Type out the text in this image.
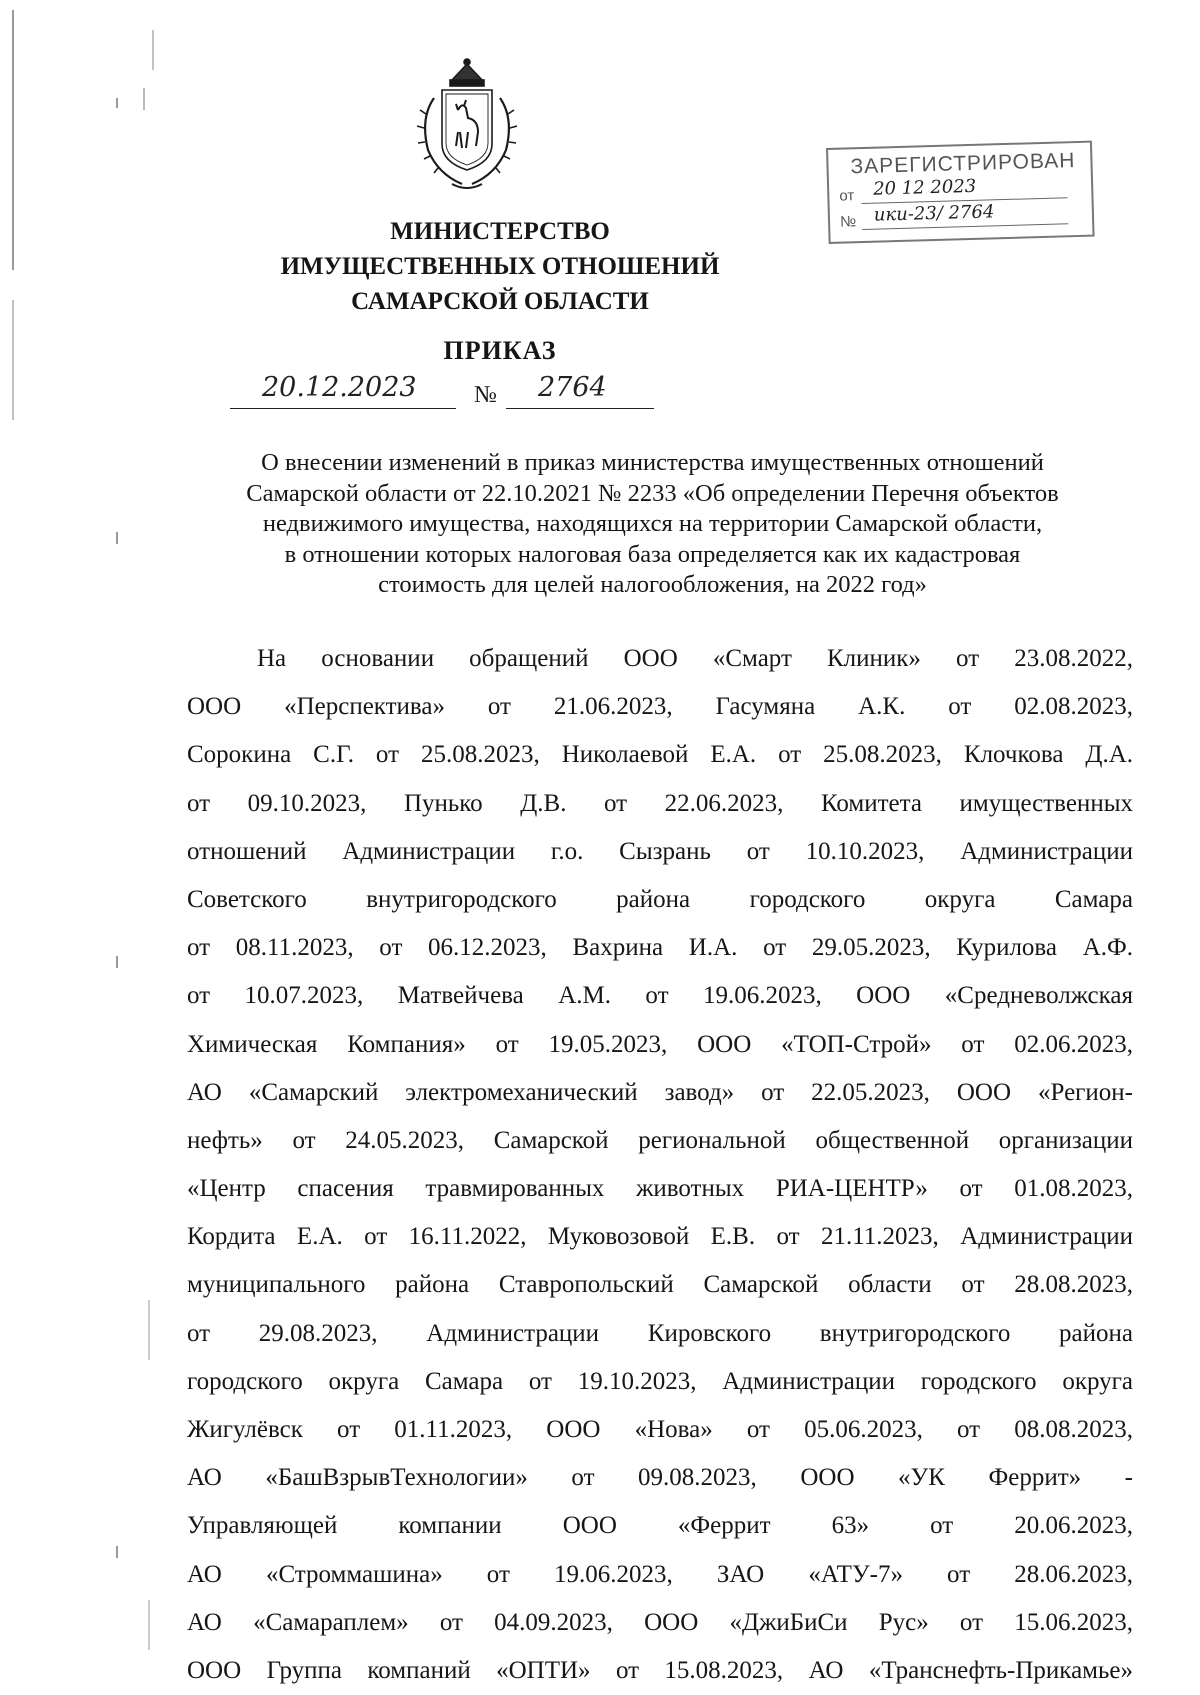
ЗАРЕГИСТРИРОВАН
от 20 12 2023
№ ики-23/ 2764
МИНИСТЕРСТВО
ИМУЩЕСТВЕННЫХ ОТНОШЕНИЙ
САМАРСКОЙ ОБЛАСТИ
ПРИКАЗ
20.12.2023 № 2764
О внесении изменений в приказ министерства имущественных отношений
Самарской области от 22.10.2021 № 2233 «Об определении Перечня объектов
недвижимого имущества, находящихся на территории Самарской области,
в отношении которых налоговая база определяется как их кадастровая
стоимость для целей налогообложения, на 2022 год»
На основании обращений ООО «Смарт Клиник» от 23.08.2022,
ООО «Перспектива» от 21.06.2023, Гасумяна А.К. от 02.08.2023,
Сорокина С.Г. от 25.08.2023, Николаевой Е.А. от 25.08.2023, Клочкова Д.А.
от 09.10.2023, Пунько Д.В. от 22.06.2023, Комитета имущественных
отношений Администрации г.о. Сызрань от 10.10.2023, Администрации
Советского внутригородского района городского округа Самара
от 08.11.2023, от 06.12.2023, Вахрина И.А. от 29.05.2023, Курилова А.Ф.
от 10.07.2023, Матвейчева А.М. от 19.06.2023, ООО «Средневолжская
Химическая Компания» от 19.05.2023, ООО «ТОП-Строй» от 02.06.2023,
АО «Самарский электромеханический завод» от 22.05.2023, ООО «Регион-
нефть» от 24.05.2023, Самарской региональной общественной организации
«Центр спасения травмированных животных РИА-ЦЕНТР» от 01.08.2023,
Кордита Е.А. от 16.11.2022, Муковозовой Е.В. от 21.11.2023, Администрации
муниципального района Ставропольский Самарской области от 28.08.2023,
от 29.08.2023, Администрации Кировского внутригородского района
городского округа Самара от 19.10.2023, Администрации городского округа
Жигулёвск от 01.11.2023, ООО «Нова» от 05.06.2023, от 08.08.2023,
АО «БашВзрывТехнологии» от 09.08.2023, ООО «УК Феррит» -
Управляющей компании ООО «Феррит 63» от 20.06.2023,
АО «Строммашина» от 19.06.2023, ЗАО «АТУ-7» от 28.06.2023,
АО «Самараплем» от 04.09.2023, ООО «ДжиБиСи Рус» от 15.06.2023,
ООО Группа компаний «ОПТИ» от 15.08.2023, АО «Транснефть-Прикамье»
